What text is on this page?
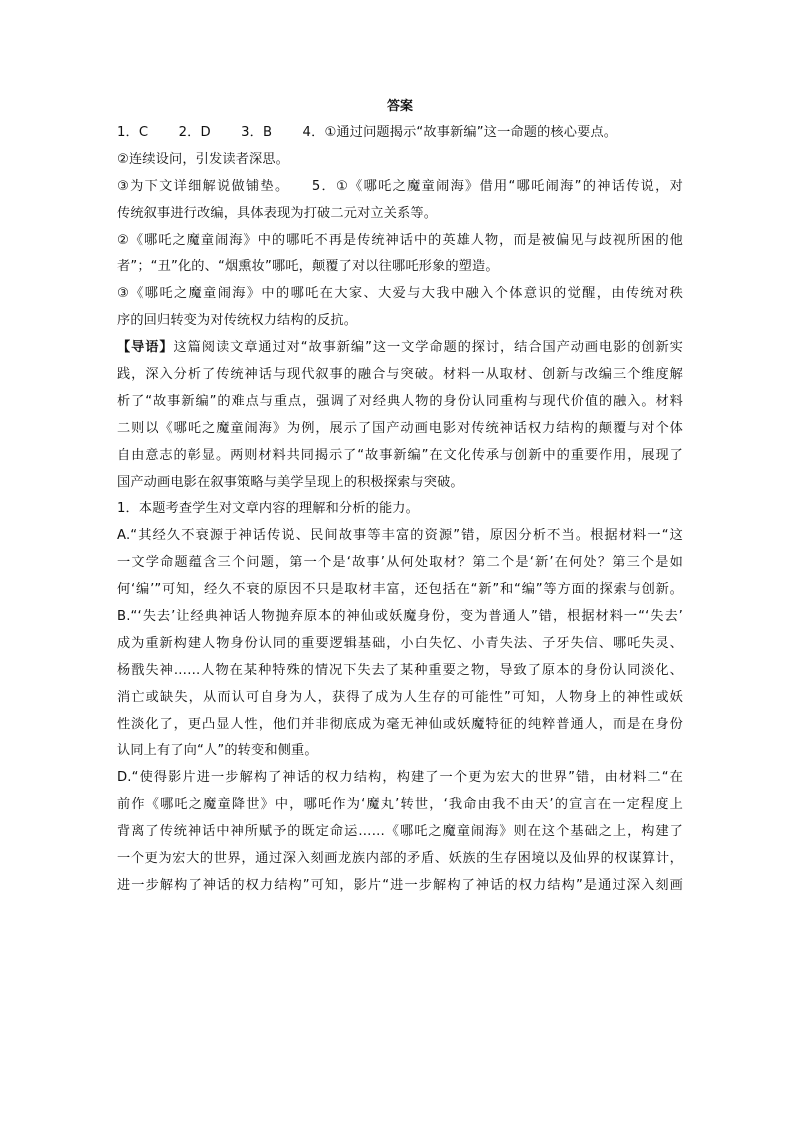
答案
1．C 2．D 3．B 4．①通过问题揭示“故事新编”这一命题的核心要点。
②连续设问，引发读者深思。
③为下文详细解说做铺垫。　　5．①《哪吒之魔童闹海》借用“哪吒闹海”的神话传说，对
传统叙事进行改编，具体表现为打破二元对立关系等。
②《哪吒之魔童闹海》中的哪吒不再是传统神话中的英雄人物，而是被偏见与歧视所困的他
者”；“丑”化的、“烟熏妆”哪吒，颠覆了对以往哪吒形象的塑造。
③《哪吒之魔童闹海》中的哪吒在大家、大爱与大我中融入个体意识的觉醒，由传统对秩
序的回归转变为对传统权力结构的反抗。
【导语】这篇阅读文章通过对“故事新编”这一文学命题的探讨，结合国产动画电影的创新实
践，深入分析了传统神话与现代叙事的融合与突破。材料一从取材、创新与改编三个维度解
析了“故事新编”的难点与重点，强调了对经典人物的身份认同重构与现代价值的融入。材料
二则以《哪吒之魔童闹海》为例，展示了国产动画电影对传统神话权力结构的颠覆与对个体
自由意志的彰显。两则材料共同揭示了“故事新编”在文化传承与创新中的重要作用，展现了
国产动画电影在叙事策略与美学呈现上的积极探索与突破。
1．本题考查学生对文章内容的理解和分析的能力。
A.“其经久不衰源于神话传说、民间故事等丰富的资源”错，原因分析不当。根据材料一“这
一文学命题蕴含三个问题，第一个是‘故事’从何处取材？第二个是‘新’在何处？第三个是如
何‘编’”可知，经久不衰的原因不只是取材丰富，还包括在“新”和“编”等方面的探索与创新。
B.“‘失去’让经典神话人物抛弃原本的神仙或妖魔身份，变为普通人”错，根据材料一“‘失去’
成为重新构建人物身份认同的重要逻辑基础，小白失忆、小青失法、子牙失信、哪吒失灵、
杨戬失神……人物在某种特殊的情况下失去了某种重要之物，导致了原本的身份认同淡化、
消亡或缺失，从而认可自身为人，获得了成为人生存的可能性”可知，人物身上的神性或妖
性淡化了，更凸显人性，他们并非彻底成为毫无神仙或妖魔特征的纯粹普通人，而是在身份
认同上有了向“人”的转变和侧重。
D.“使得影片进一步解构了神话的权力结构，构建了一个更为宏大的世界”错，由材料二“在
前作《哪吒之魔童降世》中，哪吒作为‘魔丸’转世，‘我命由我不由天’的宣言在一定程度上
背离了传统神话中神所赋予的既定命运……《哪吒之魔童闹海》则在这个基础之上，构建了
一个更为宏大的世界，通过深入刻画龙族内部的矛盾、妖族的生存困境以及仙界的权谋算计，
进一步解构了神话的权力结构”可知，影片“进一步解构了神话的权力结构”是通过深入刻画
